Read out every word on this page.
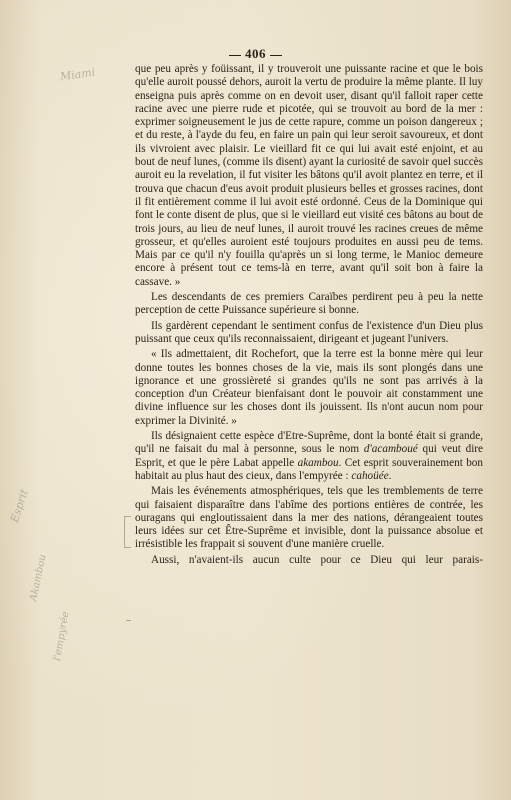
406
Miami
Esprit
Akambou
l'empyrée

que peu après y foüissant, il y trouveroit une puissante racine et que le bois qu'elle auroit poussé dehors, auroit la vertu de produire la même plante. Il luy enseigna puis après comme on en devoit user, disant qu'il falloit raper cette racine avec une pierre rude et picotée, qui se trouvoit au bord de la mer : exprimer soigneusement le jus de cette rapure, comme un poison dangereux ; et du reste, à l'ayde du feu, en faire un pain qui leur seroit savoureux, et dont ils vivroient avec plaisir. Le vieillard fit ce qui lui avait esté enjoint, et au bout de neuf lunes, (comme ils disent) ayant la curiosité de savoir quel succès auroit eu la revelation, il fut visiter les bâtons qu'il avoit plantez en terre, et il trouva que chacun d'eus avoit produit plusieurs belles et grosses racines, dont il fit entièrement comme il lui avoit esté ordonné. Ceus de la Dominique qui font le conte disent de plus, que si le vieillard eut visité ces bâtons au bout de trois jours, au lieu de neuf lunes, il auroit trouvé les racines creues de même grosseur, et qu'elles auroient esté toujours produites en aussi peu de tems. Mais par ce qu'il n'y fouilla qu'après un si long terme, le Manioc demeure encore à présent tout ce tems-là en terre, avant qu'il soit bon à faire la cassave. »

Les descendants de ces premiers Caraïbes perdirent peu à peu la nette perception de cette Puissance supérieure si bonne.

Ils gardèrent cependant le sentiment confus de l'existence d'un Dieu plus puissant que ceux qu'ils reconnaissaient, dirigeant et jugeant l'univers.

« Ils admettaient, dit Rochefort, que la terre est la bonne mère qui leur donne toutes les bonnes choses de la vie, mais ils sont plongés dans une ignorance et une grossièreté si grandes qu'ils ne sont pas arrivés à la conception d'un Créateur bienfaisant dont le pouvoir ait constamment une divine influence sur les choses dont ils jouissent. Ils n'ont aucun nom pour exprimer la Divinité. »

Ils désignaient cette espèce d'Etre-Suprême, dont la bonté était si grande, qu'il ne faisait du mal à personne, sous le nom d'acamboué qui veut dire Esprit, et que le père Labat appelle akambou. Cet esprit souverainement bon habitait au plus haut des cieux, dans l'empyrée : cahoüée.

Mais les événements atmosphériques, tels que les tremblements de terre qui faisaient disparaître dans l'abîme des portions entières de contrée, les ouragans qui engloutissaient dans la mer des nations, dérangeaient toutes leurs idées sur cet Être-Suprême et invisible, dont la puissance absolue et irrésistible les frappait si souvent d'une manière cruelle.

Aussi, n'avaient-ils aucun culte pour ce Dieu qui leur parais-
